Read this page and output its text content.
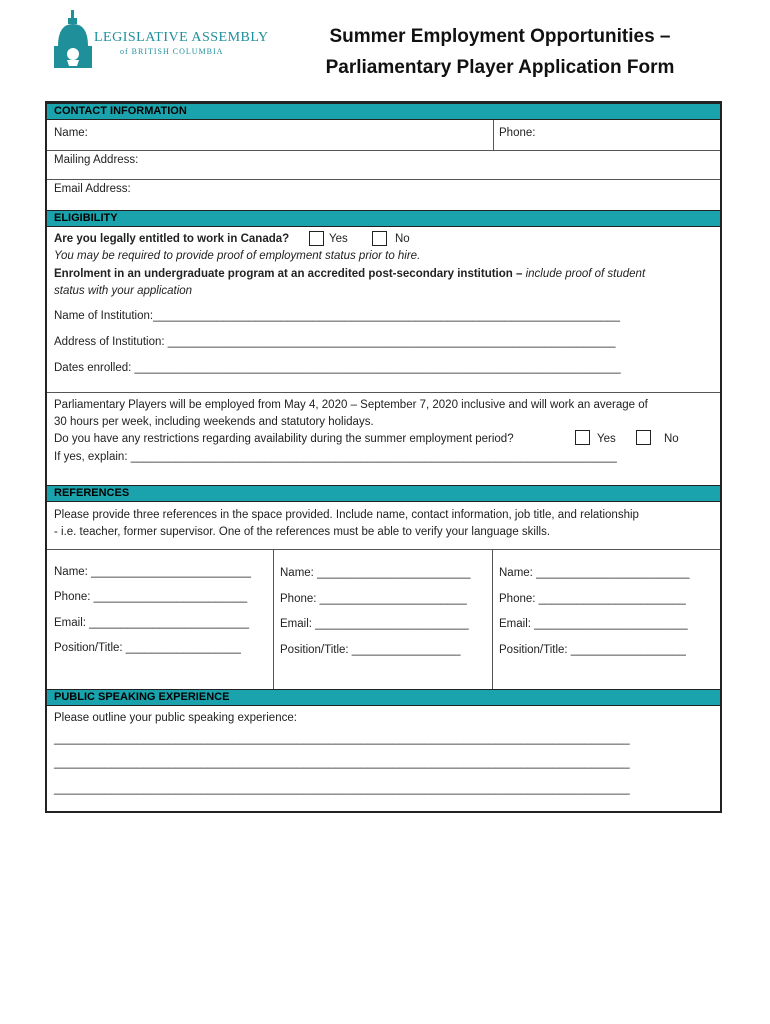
LEGISLATIVE ASSEMBLY
of BRITISH COLUMBIA
Summer Employment Opportunities –
Parliamentary Player Application Form
CONTACT INFORMATION
Name:	Phone:
Mailing Address:
Email Address:
ELIGIBILITY
Are you legally entitled to work in Canada?	Yes	No
You may be required to provide proof of employment status prior to hire.
Enrolment in an undergraduate program at an accredited post-secondary institution – include proof of student
status with your application
Name of Institution:_________________________________________________________________________
Address of Institution: ______________________________________________________________________
Dates enrolled: ____________________________________________________________________________
Parliamentary Players will be employed from May 4, 2020 – September 7, 2020 inclusive and will work an average of
30 hours per week, including weekends and statutory holidays.
Do you have any restrictions regarding availability during the summer employment period?	Yes	No
If yes, explain: ____________________________________________________________________________
REFERENCES
Please provide three references in the space provided. Include name, contact information, job title, and relationship
- i.e. teacher, former supervisor. One of the references must be able to verify your language skills.
Name: _________________________
Phone: ________________________
Email: _________________________
Position/Title: __________________
Name: ________________________
Phone: _______________________
Email: ________________________
Position/Title: _________________
Name: ________________________
Phone: _______________________
Email: ________________________
Position/Title: __________________
PUBLIC SPEAKING EXPERIENCE
Please outline your public speaking experience:
__________________________________________________________________________________________
__________________________________________________________________________________________
__________________________________________________________________________________________
